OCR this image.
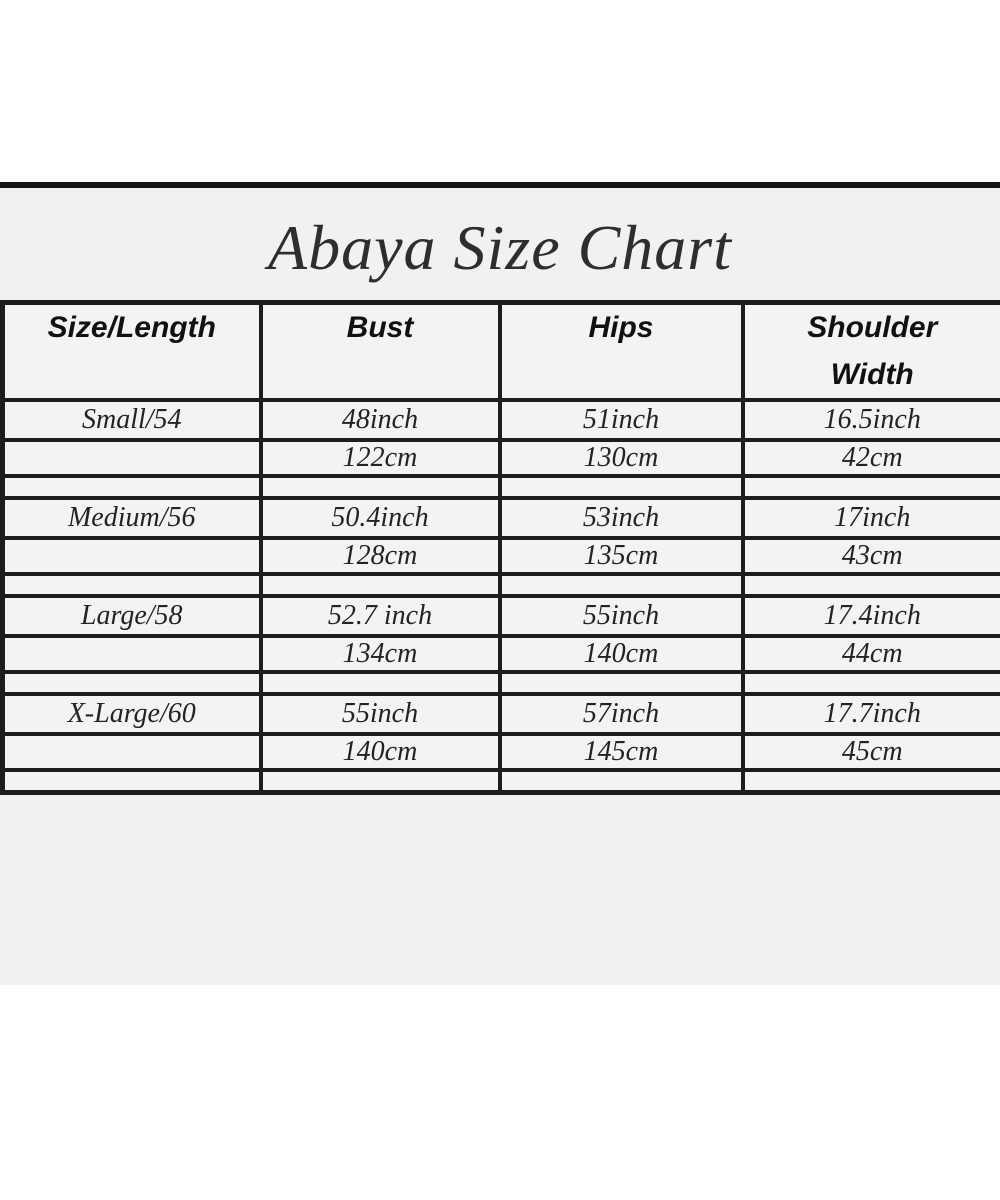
Abaya Size Chart
Size/Length	Bust	Hips	Shoulder Width
Small/54	48inch	51inch	16.5inch
	122cm	130cm	42cm

Medium/56	50.4inch	53inch	17inch
	128cm	135cm	43cm

Large/58	52.7 inch	55inch	17.4inch
	134cm	140cm	44cm

X-Large/60	55inch	57inch	17.7inch
	140cm	145cm	45cm
